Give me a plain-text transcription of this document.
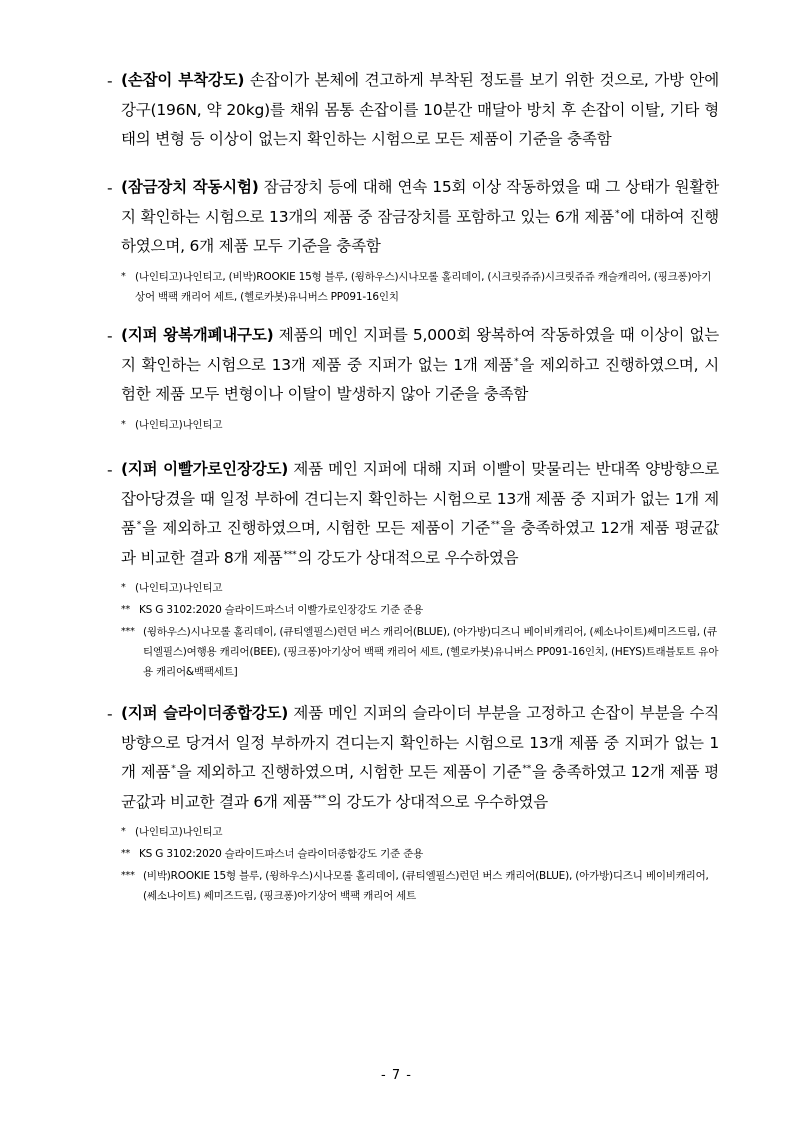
- (손잡이 부착강도) 손잡이가 본체에 견고하게 부착된 정도를 보기 위한 것으로, 가방 안에 강구(196N, 약 20kg)를 채워 몸통 손잡이를 10분간 매달아 방치 후 손잡이 이탈, 기타 형태의 변형 등 이상이 없는지 확인하는 시험으로 모든 제품이 기준을 충족함
- (잠금장치 작동시험) 잠금장치 등에 대해 연속 15회 이상 작동하였을 때 그 상태가 원활한지 확인하는 시험으로 13개의 제품 중 잠금장치를 포함하고 있는 6개 제품*에 대하여 진행하였으며, 6개 제품 모두 기준을 충족함
* (나인티고)나인티고, (비박)ROOKIE 15형 블루, (윙하우스)시나모롤 홀리데이, (시크릿쥬쥬)시크릿쥬쥬 캐슬캐리어, (핑크퐁)아기상어 백팩 캐리어 세트, (헬로카봇)유니버스 PP091-16인치
- (지퍼 왕복개폐내구도) 제품의 메인 지퍼를 5,000회 왕복하여 작동하였을 때 이상이 없는지 확인하는 시험으로 13개 제품 중 지퍼가 없는 1개 제품*을 제외하고 진행하였으며, 시험한 제품 모두 변형이나 이탈이 발생하지 않아 기준을 충족함
* (나인티고)나인티고
- (지퍼 이빨가로인장강도) 제품 메인 지퍼에 대해 지퍼 이빨이 맞물리는 반대쪽 양방향으로 잡아당겼을 때 일정 부하에 견디는지 확인하는 시험으로 13개 제품 중 지퍼가 없는 1개 제품*을 제외하고 진행하였으며, 시험한 모든 제품이 기준**을 충족하였고 12개 제품 평균값과 비교한 결과 8개 제품***의 강도가 상대적으로 우수하였음
* (나인티고)나인티고
** KS G 3102:2020 슬라이드파스너 이빨가로인장강도 기준 준용
*** (윙하우스)시나모롤 홀리데이, (큐티엘필스)런던 버스 캐리어(BLUE), (아가방)디즈니 베이비캐리어, (쎄소나이트)쎄미즈드림, (큐티엘필스)여행용 캐리어(BEE), (핑크퐁)아기상어 백팩 캐리어 세트, (헬로카봇)유니버스 PP091-16인치, (HEYS)트래블토트 유아용 캐리어&백팩세트]
- (지퍼 슬라이더종합강도) 제품 메인 지퍼의 슬라이더 부분을 고정하고 손잡이 부분을 수직 방향으로 당겨서 일정 부하까지 견디는지 확인하는 시험으로 13개 제품 중 지퍼가 없는 1개 제품*을 제외하고 진행하였으며, 시험한 모든 제품이 기준**을 충족하였고 12개 제품 평균값과 비교한 결과 6개 제품***의 강도가 상대적으로 우수하였음
* (나인티고)나인티고
** KS G 3102:2020 슬라이드파스너 슬라이더종합강도 기준 준용
*** (비박)ROOKIE 15형 블루, (윙하우스)시나모롤 홀리데이, (큐티엘필스)런던 버스 캐리어(BLUE), (아가방)디즈니 베이비캐리어, (쎄소나이트) 쎄미즈드림, (핑크퐁)아기상어 백팩 캐리어 세트
- 7 -
